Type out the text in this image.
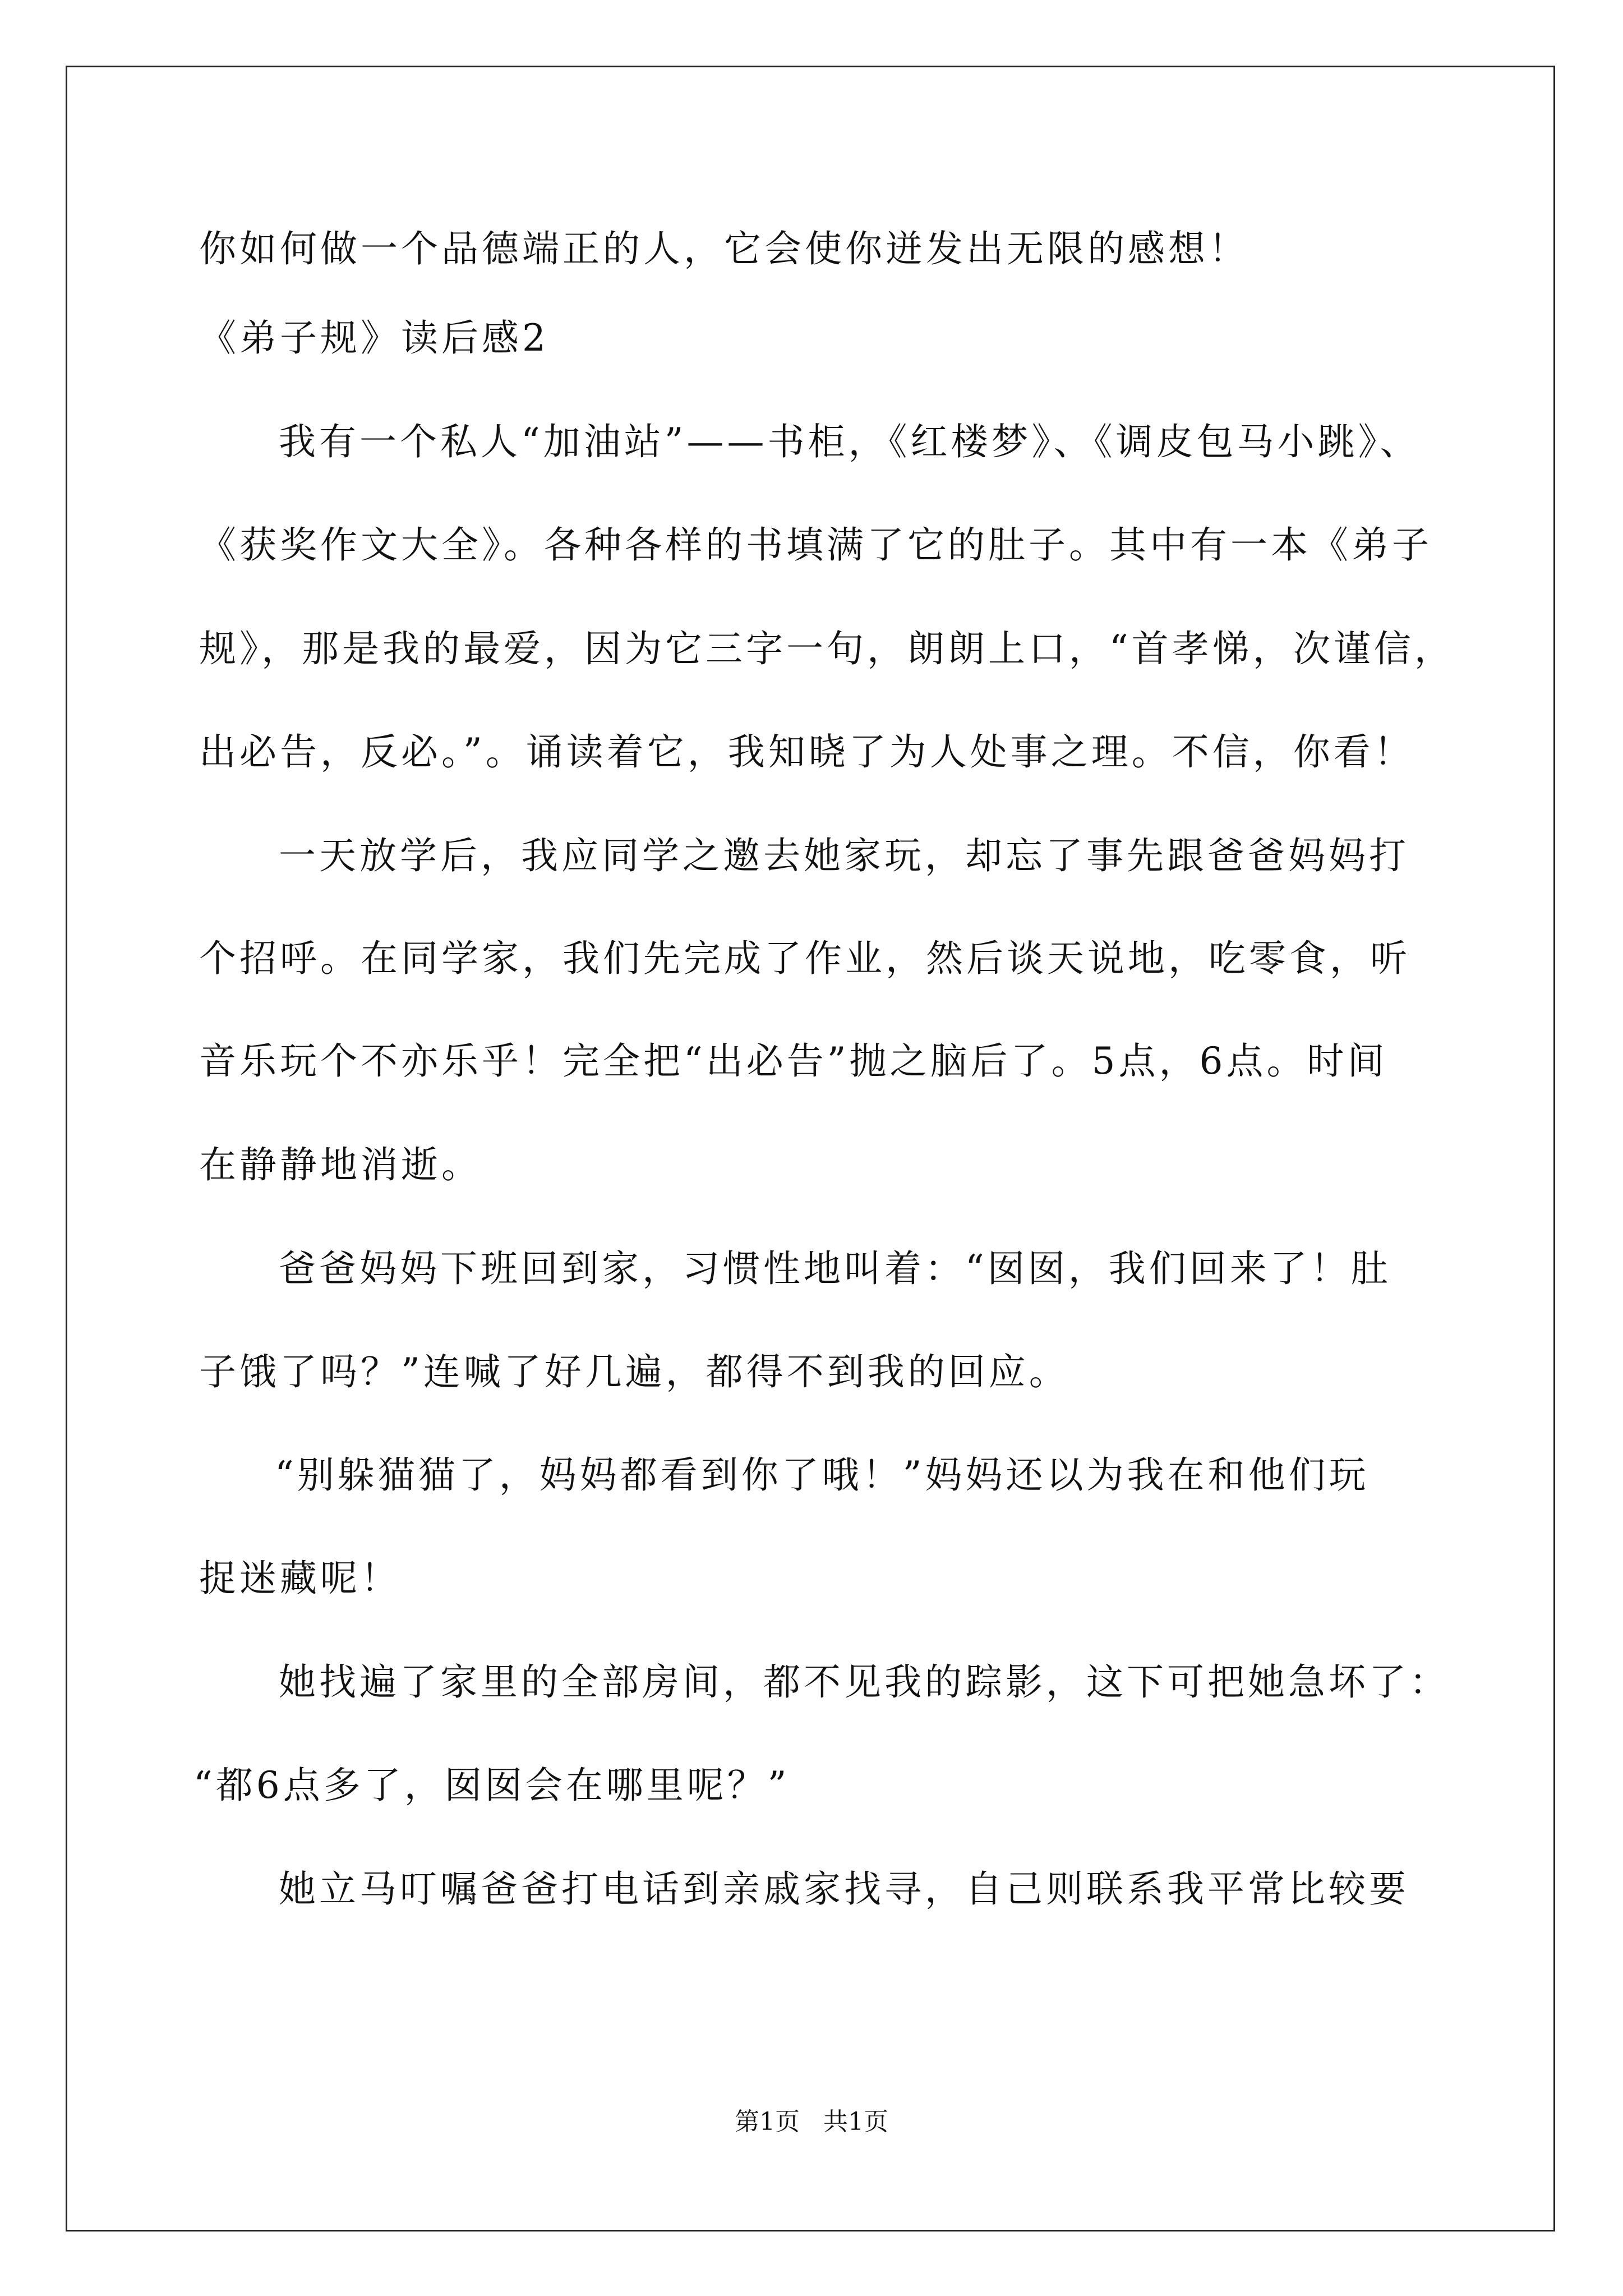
你如何做一个品德端正的人，它会使你迸发出无限的感想！
《弟子规》读后感2
我有一个私人“加油站”——书柜，《红楼梦》、《调皮包马小跳》、
《获奖作文大全》。各种各样的书填满了它的肚子。其中有一本《弟子
规》，那是我的最爱，因为它三字一句，朗朗上口，“首孝悌，次谨信，
出必告，反必。”。诵读着它，我知晓了为人处事之理。不信，你看！
一天放学后，我应同学之邀去她家玩，却忘了事先跟爸爸妈妈打
个招呼。在同学家，我们先完成了作业，然后谈天说地，吃零食，听
音乐玩个不亦乐乎！完全把“出必告”抛之脑后了。5点，6点。时间
在静静地消逝。
爸爸妈妈下班回到家，习惯性地叫着：“囡囡，我们回来了！肚
子饿了吗？”连喊了好几遍，都得不到我的回应。
“别躲猫猫了，妈妈都看到你了哦！”妈妈还以为我在和他们玩
捉迷藏呢！
她找遍了家里的全部房间，都不见我的踪影，这下可把她急坏了：
“都6点多了，囡囡会在哪里呢？”
她立马叮嘱爸爸打电话到亲戚家找寻，自己则联系我平常比较要
第1页   共1页
